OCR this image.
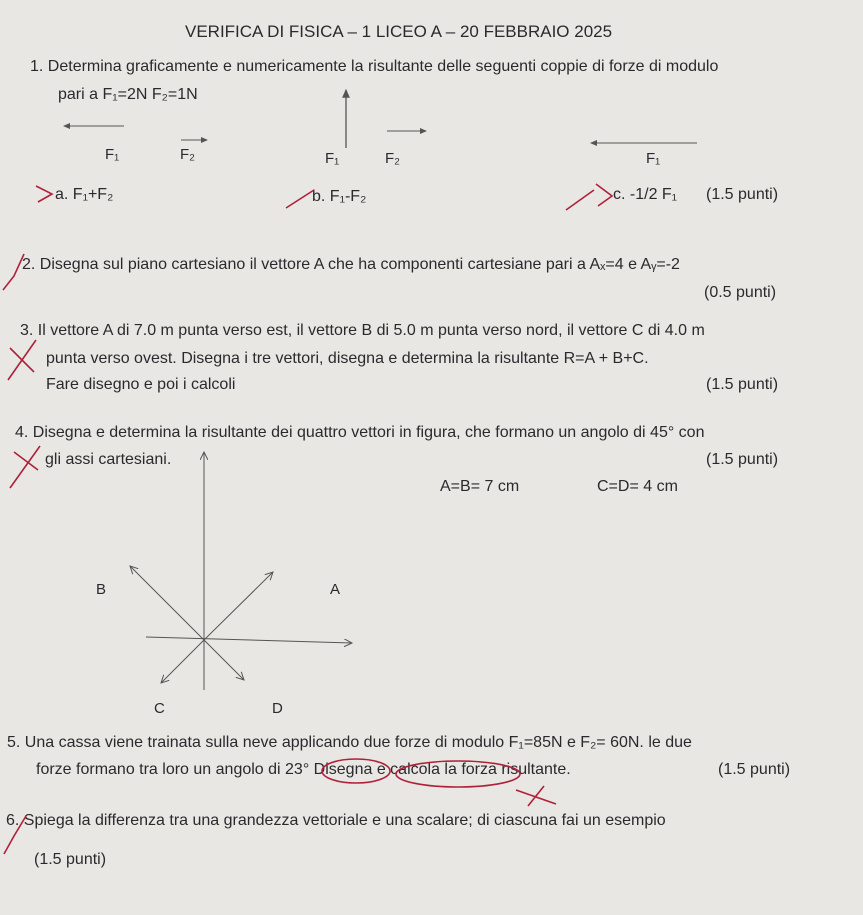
VERIFICA DI FISICA – 1 LICEO A – 20 FEBBRAIO 2025
1. Determina graficamente e numericamente la risultante delle seguenti coppie di forze di modulo
pari a F₁=2N F₂=1N
F₁	F₂	F₁	F₂	F₁
a. F₁+F₂	b. F₁-F₂	c. -1/2 F₁ (1.5 punti)
2. Disegna sul piano cartesiano il vettore A che ha componenti cartesiane pari a Aₓ=4 e Aᵧ=-2
(0.5 punti)
3. Il vettore A di 7.0 m punta verso est, il vettore B di 5.0 m punta verso nord, il vettore C di 4.0 m
punta verso ovest. Disegna i tre vettori, disegna e determina la risultante R=A + B+C.
Fare disegno e poi i calcoli	(1.5 punti)
4. Disegna e determina la risultante dei quattro vettori in figura, che formano un angolo di 45° con
gli assi cartesiani.	(1.5 punti)
A=B= 7 cm	C=D= 4 cm
B	A
C	D
5. Una cassa viene trainata sulla neve applicando due forze di modulo F₁=85N e F₂= 60N. le due
forze formano tra loro un angolo di 23° Disegna e calcola la forza risultante.	(1.5 punti)
6. Spiega la differenza tra una grandezza vettoriale e una scalare; di ciascuna fai un esempio
(1.5 punti)
